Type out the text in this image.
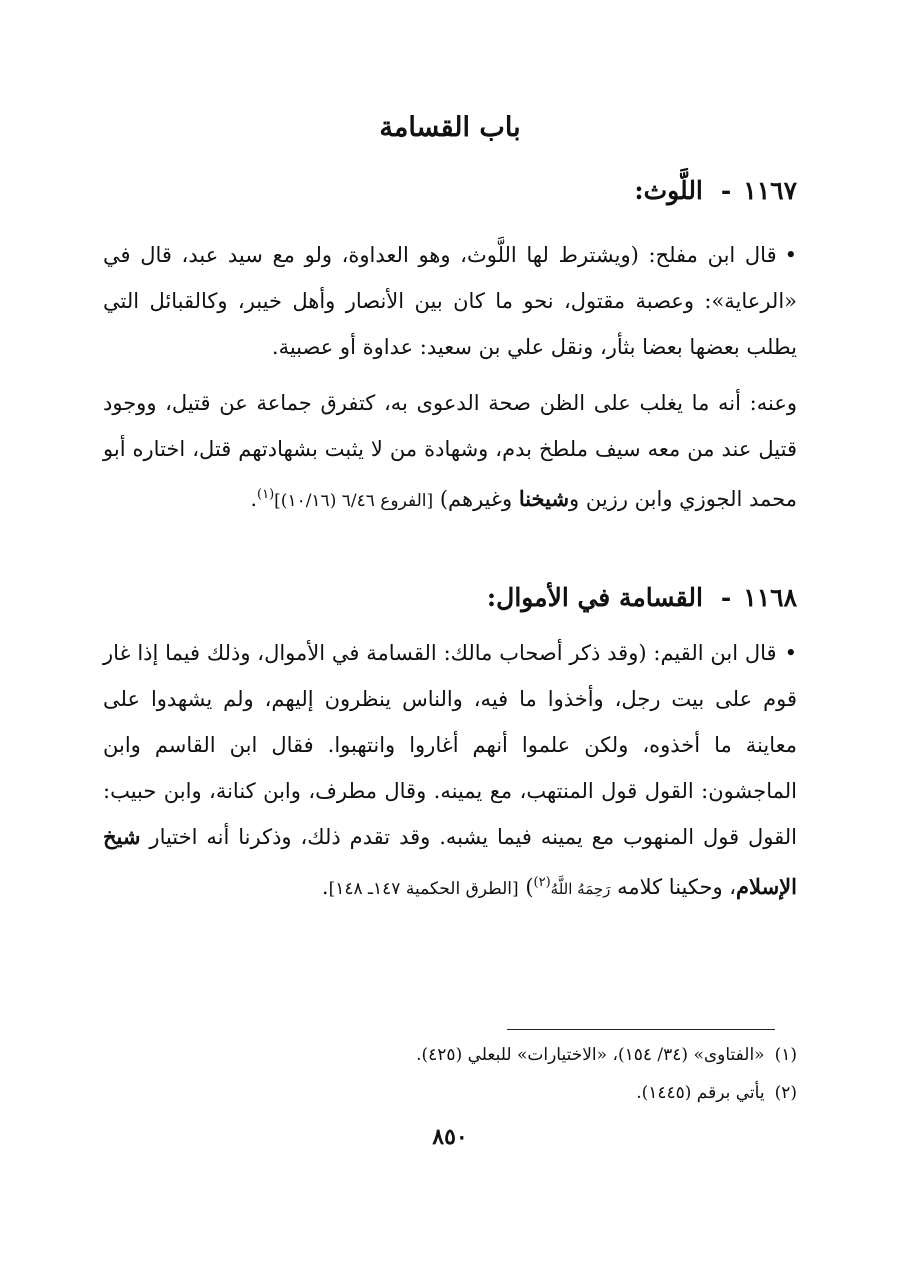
باب القسامة
١١٦٧-اللَّوث:

•قال ابن مفلح: (ويشترط لها اللَّوث، وهو العداوة، ولو مع سيد عبد، قال في «الرعاية»: وعصبة مقتول، نحو ما كان بين الأنصار وأهل خيبر، وكالقبائل التي يطلب بعضها بعضا بثأر، ونقل علي بن سعيد: عداوة أو عصبية.

وعنه: أنه ما يغلب على الظن صحة الدعوى به، كتفرق جماعة عن قتيل، ووجود قتيل عند من معه سيف ملطخ بدم، وشهادة من لا يثبت بشهادتهم قتل، اختاره أبو محمد الجوزي وابن رزين وشيخنا وغيرهم) [الفروع ٦/٤٦ (١٠/١٦)]$^{(١)}$.

١١٦٨-القسامة في الأموال:

•قال ابن القيم: (وقد ذكر أصحاب مالك: القسامة في الأموال، وذلك فيما إذا غار قوم على بيت رجل، وأخذوا ما فيه، والناس ينظرون إليهم، ولم يشهدوا على معاينة ما أخذوه، ولكن علموا أنهم أغاروا وانتهبوا. فقال ابن القاسم وابن الماجشون: القول قول المنتهب، مع يمينه. وقال مطرف، وابن كنانة، وابن حبيب: القول قول المنهوب مع يمينه فيما يشبه. وقد تقدم ذلك، وذكرنا أنه اختيار شيخ الإسلام، وحكينا كلامه رَحِمَهُ اللَّهُ$^{(٢)}$) [الطرق الحكمية ١٤٧ـ ١٤٨].

(١)«الفتاوى» (٣٤/ ١٥٤)، «الاختيارات» للبعلي (٤٢٥).

(٢)يأتي برقم (١٤٤٥).

٨٥٠
